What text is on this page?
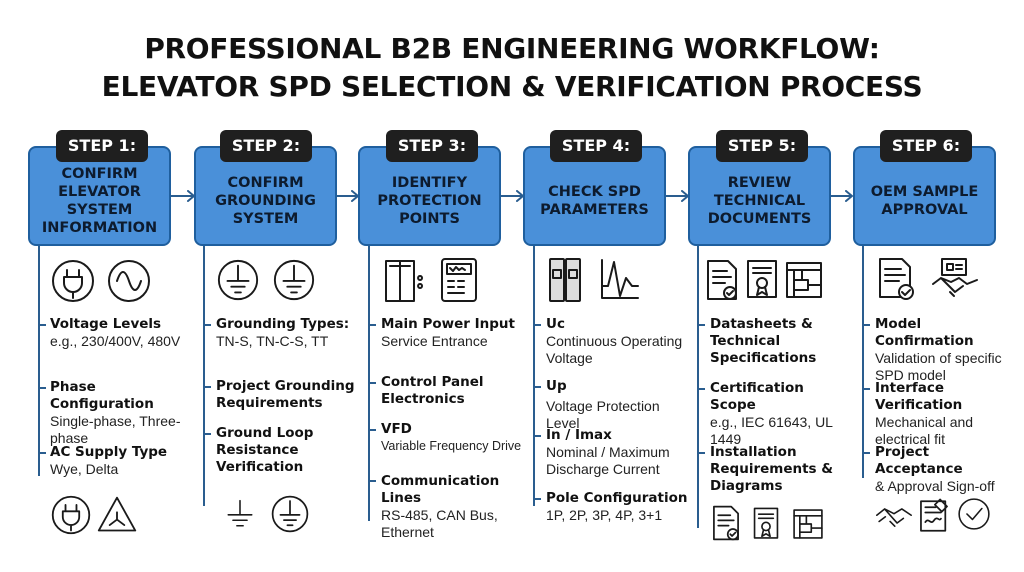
PROFESSIONAL B2B ENGINEERING WORKFLOW:
ELEVATOR SPD SELECTION & VERIFICATION PROCESS
STEP 1:
CONFIRM ELEVATOR SYSTEM INFORMATION
Voltage Levels
e.g., 230/400V, 480V
Phase Configuration
Single-phase, Three-phase
AC Supply Type
Wye, Delta
STEP 2:
CONFIRM GROUNDING SYSTEM
Grounding Types:
TN-S, TN-C-S, TT
Project Grounding Requirements
Ground Loop Resistance Verification
STEP 3:
IDENTIFY PROTECTION POINTS
Main Power Input
Service Entrance
Control Panel Electronics
VFD
Variable Frequency Drive
Communication Lines
RS-485, CAN Bus, Ethernet
STEP 4:
CHECK SPD PARAMETERS
Uc
Continuous Operating Voltage
Up
Voltage Protection Level
In / Imax
Nominal / Maximum Discharge Current
Pole Configuration
1P, 2P, 3P, 4P, 3+1
STEP 5:
REVIEW TECHNICAL DOCUMENTS
Datasheets & Technical Specifications
Certification Scope
e.g., IEC 61643, UL 1449
Installation Requirements & Diagrams
STEP 6:
OEM SAMPLE APPROVAL
Model Confirmation
Validation of specific SPD model
Interface Verification
Mechanical and electrical fit
Project Acceptance
& Approval Sign-off
